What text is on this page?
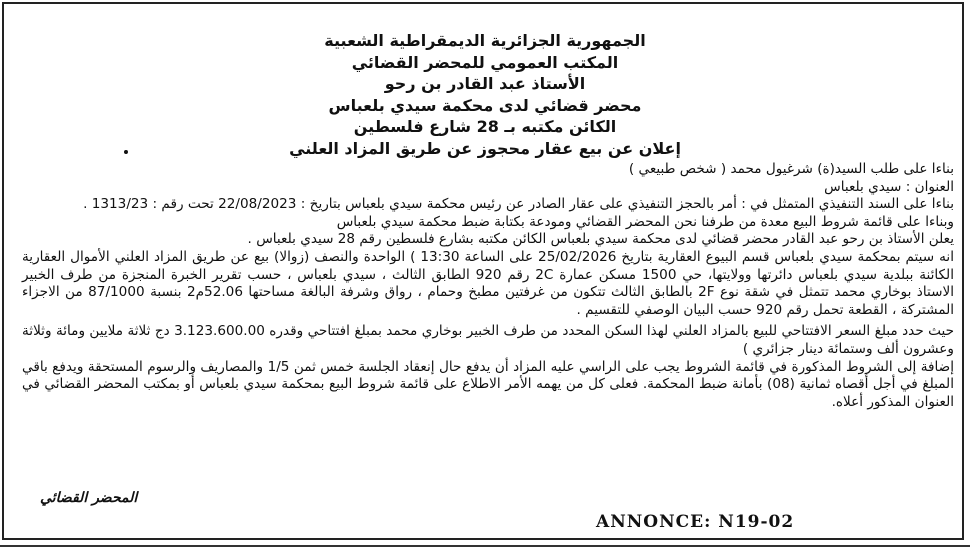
الجمهورية الجزائرية الديمقراطية الشعبية
المكتب العمومي للمحضر القضائي
الأستاذ عبد القادر بن رحو
محضر قضائي لدى محكمة سيدي بلعباس
الكائن مكتبه بـ 28 شارع فلسطين
إعلان عن بيع عقار محجوز عن طريق المزاد العلني

بناءا على طلب السيد(ة) شرغيول محمد ( شخص طبيعي )

العنوان : سيدي بلعباس

بناءا على السند التنفيذي المتمثل في : أمر بالحجز التنفيذي على عقار الصادر عن رئيس محكمة سيدي بلعباس بتاريخ : 22/08/2023 تحت رقم : 1313/23 .

وبناءا على قائمة شروط البيع معدة من طرفنا نحن المحضر القضائي ومودعة بكتابة ضبط محكمة سيدي بلعباس

يعلن الأستاذ بن رحو عبد القادر محضر قضائي لدى محكمة سيدي بلعباس الكائن مكتبه بشارع فلسطين رقم 28 سيدي بلعباس .

انه سيتم بمحكمة سيدي بلعباس قسم البيوع العقارية بتاريخ 25/02/2026 على الساعة 13:30 ) الواحدة والنصف (زوالا) بيع عن طريق المزاد العلني الأموال العقارية الكائنة ببلدية سيدي بلعباس دائرتها وولايتها، حي 1500 مسكن عمارة 2C رقم 920 الطابق الثالث ، سيدي بلعباس ، حسب تقرير الخبرة المنجزة من طرف الخبير الاستاذ بوخاري محمد تتمثل في شقة نوع 2F بالطابق الثالث تتكون من غرفتين مطبخ وحمام ، رواق وشرفة البالغة مساحتها 52.06م2 بنسبة 87/1000 من الاجزاء المشتركة ، القطعة تحمل رقم 920 حسب البيان الوصفي للتقسيم .

حيث حدد مبلغ السعر الافتتاحي للبيع بالمزاد العلني لهذا السكن المحدد من طرف الخبير بوخاري محمد بمبلغ افتتاحي وقدره 3.123.600.00 دج ثلاثة ملايين ومائة وثلاثة وعشرون ألف وستمائة دينار جزائري )

إضافة إلى الشروط المذكورة في قائمة الشروط يجب على الراسي عليه المزاد أن يدفع حال إنعقاد الجلسة خمس ثمن 1/5 والمصاريف والرسوم المستحقة ويدفع باقي المبلغ في أجل أقصاه ثمانية (08) بأمانة ضبط المحكمة. فعلى كل من يهمه الأمر الاطلاع على قائمة شروط البيع بمحكمة سيدي بلعباس أو بمكتب المحضر القضائي في العنوان المذكور أعلاه.

المحضر القضائي
ANNONCE: N19-02
